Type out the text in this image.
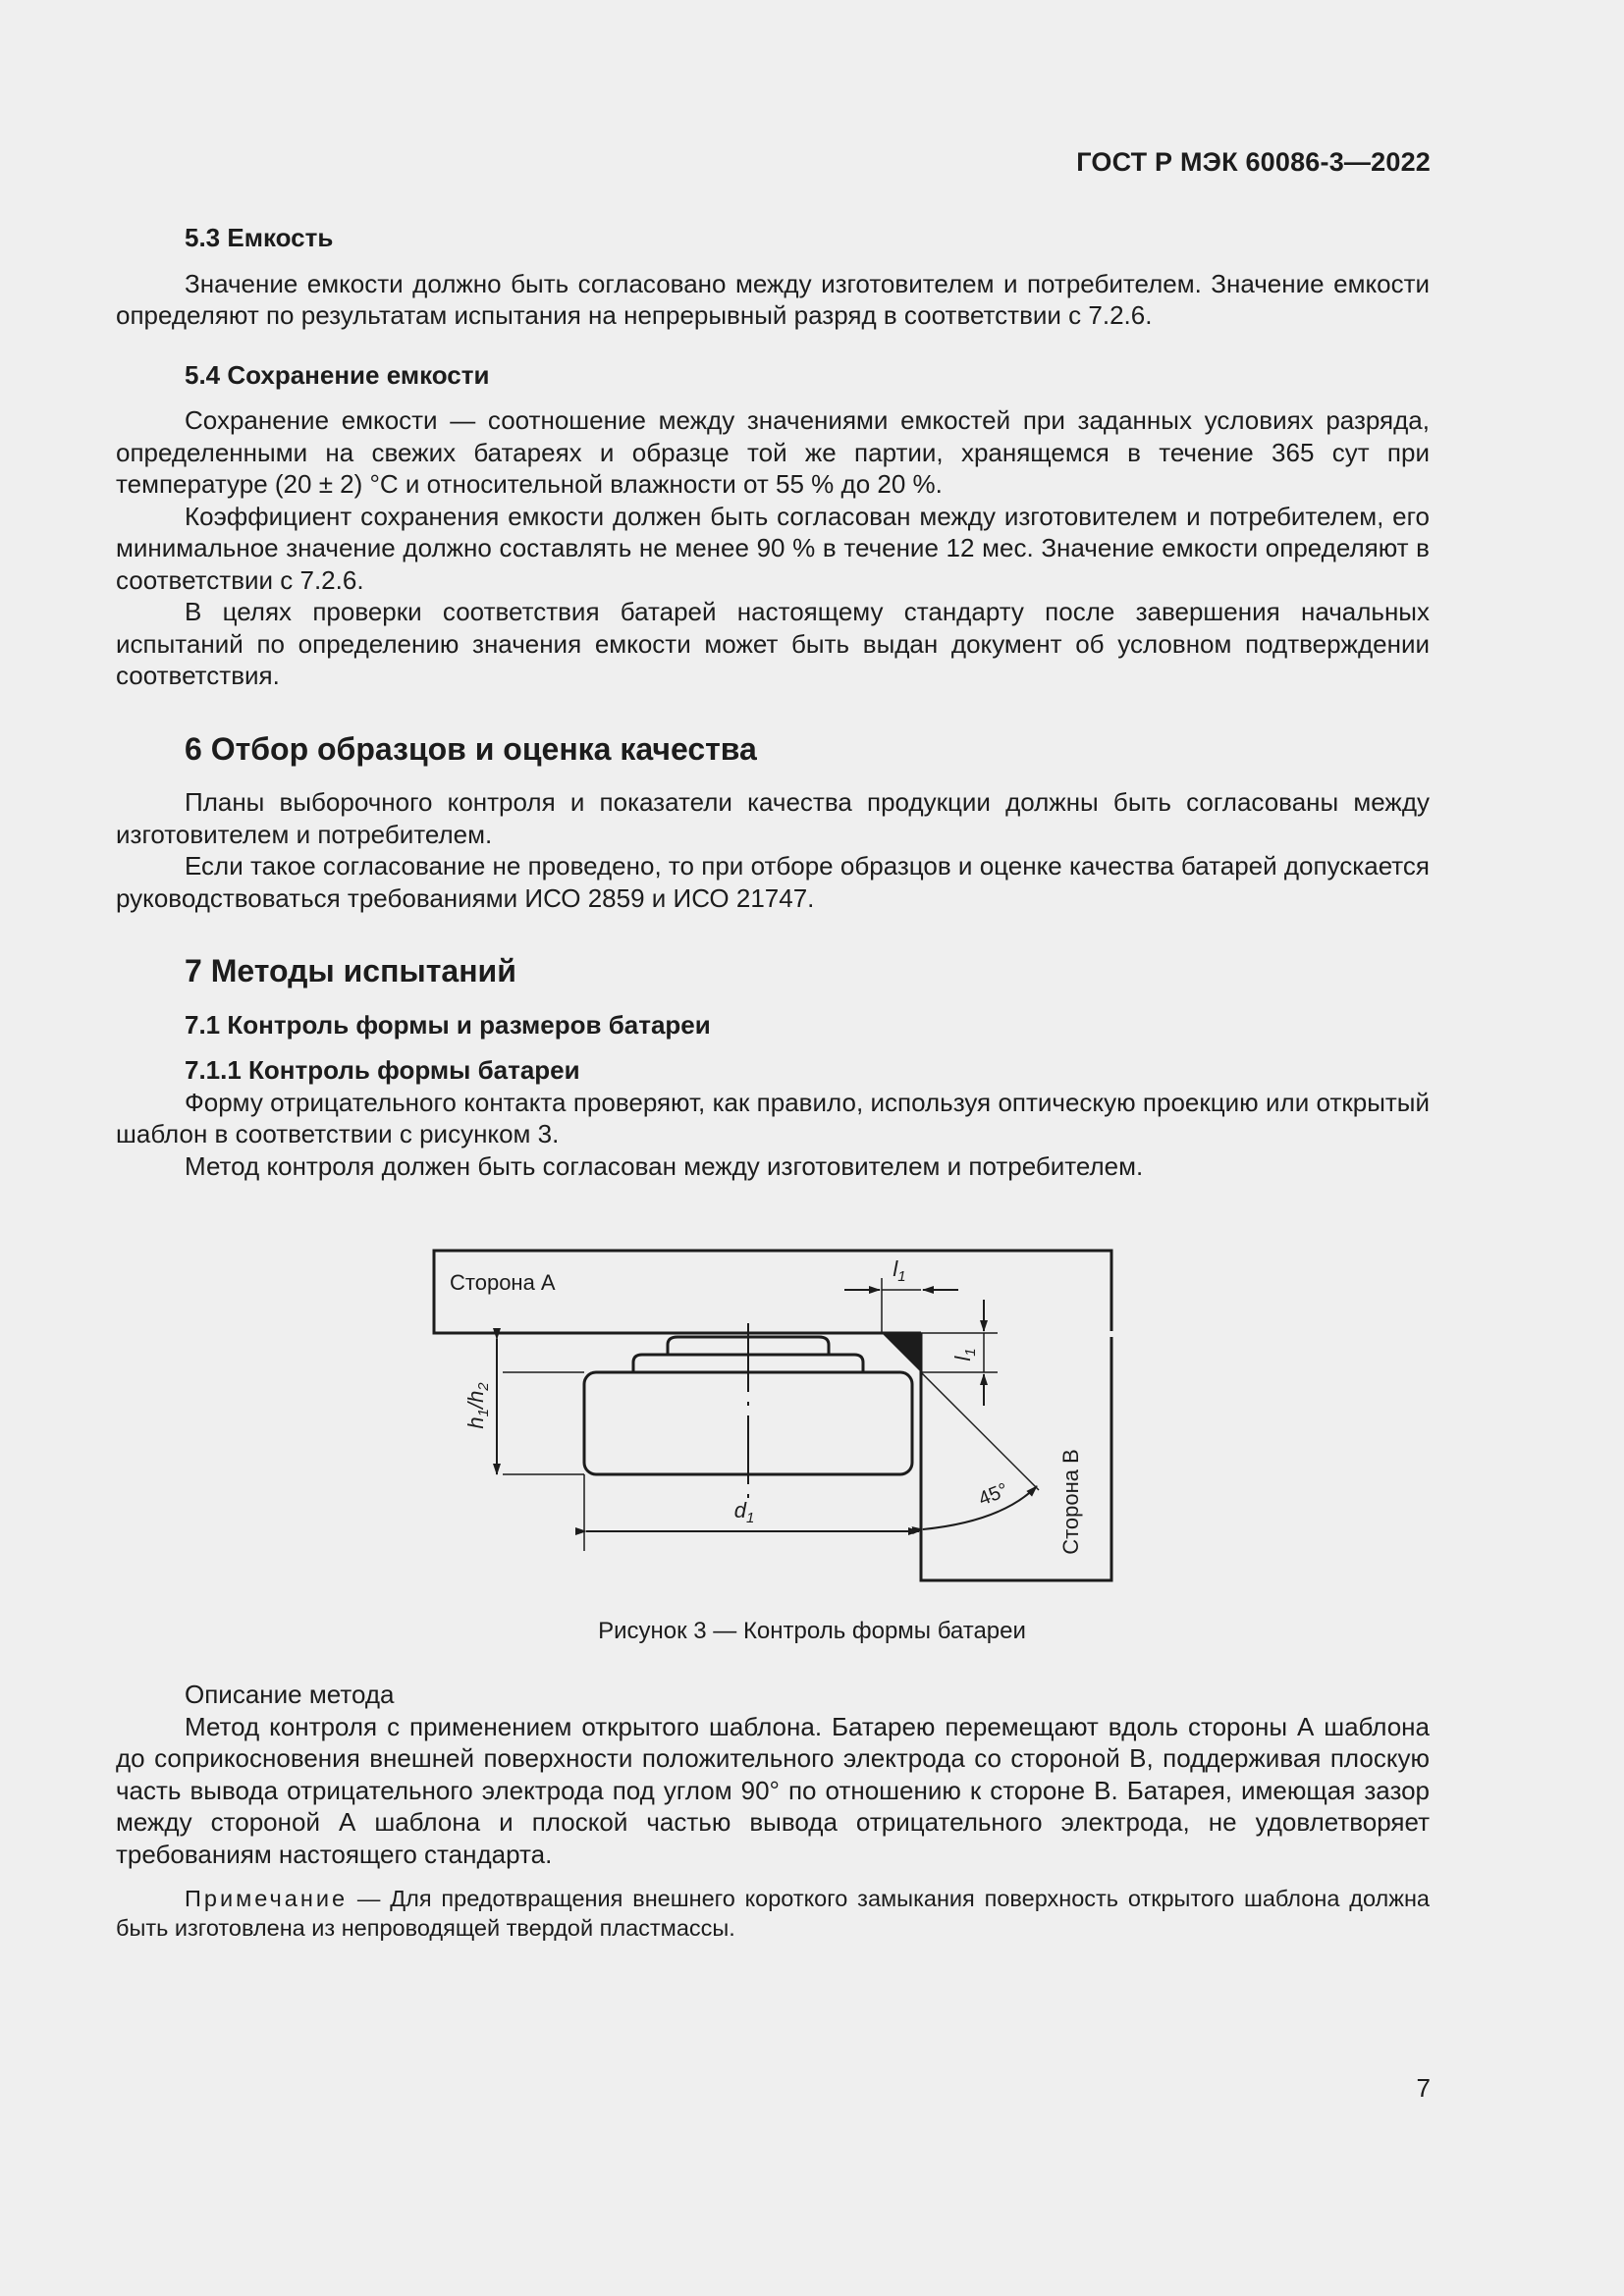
ГОСТ Р МЭК 60086-3—2022
5.3 Емкость

Значение емкости должно быть согласовано между изготовителем и потребителем. Значение емкости определяют по результатам испытания на непрерывный разряд в соответствии с 7.2.6.

5.4 Сохранение емкости

Сохранение емкости — соотношение между значениями емкостей при заданных условиях разряда, определенными на свежих батареях и образце той же партии, хранящемся в течение 365 сут при температуре (20 ± 2) °С и относительной влажности от 55 % до 20 %.

Коэффициент сохранения емкости должен быть согласован между изготовителем и потребителем, его минимальное значение должно составлять не менее 90 % в течение 12 мес. Значение емкости определяют в соответствии с 7.2.6.

В целях проверки соответствия батарей настоящему стандарту после завершения начальных испытаний по определению значения емкости может быть выдан документ об условном подтверждении соответствия.

6 Отбор образцов и оценка качества

Планы выборочного контроля и показатели качества продукции должны быть согласованы между изготовителем и потребителем.

Если такое согласование не проведено, то при отборе образцов и оценке качества батарей допускается руководствоваться требованиями ИСО 2859 и ИСО 21747.

7 Методы испытаний
7.1 Контроль формы и размеров батареи
7.1.1 Контроль формы батареи

Форму отрицательного контакта проверяют, как правило, используя оптическую проекцию или открытый шаблон в соответствии с рисунком 3.

Метод контроля должен быть согласован между изготовителем и потребителем.

$h_1/h_2$
$d_1$
$l_1$
$l_1$
45°
Сторона А
Сторона В
Рисунок 3 — Контроль формы батареи

Описание метода

Метод контроля с применением открытого шаблона. Батарею перемещают вдоль стороны А шаблона до соприкосновения внешней поверхности положительного электрода со стороной В, поддерживая плоскую часть вывода отрицательного электрода под углом 90° по отношению к стороне В. Батарея, имеющая зазор между стороной А шаблона и плоской частью вывода отрицательного электрода, не удовлетворяет требованиям настоящего стандарта.

Примечание — Для предотвращения внешнего короткого замыкания поверхность открытого шаблона должна быть изготовлена из непроводящей твердой пластмассы.

7
